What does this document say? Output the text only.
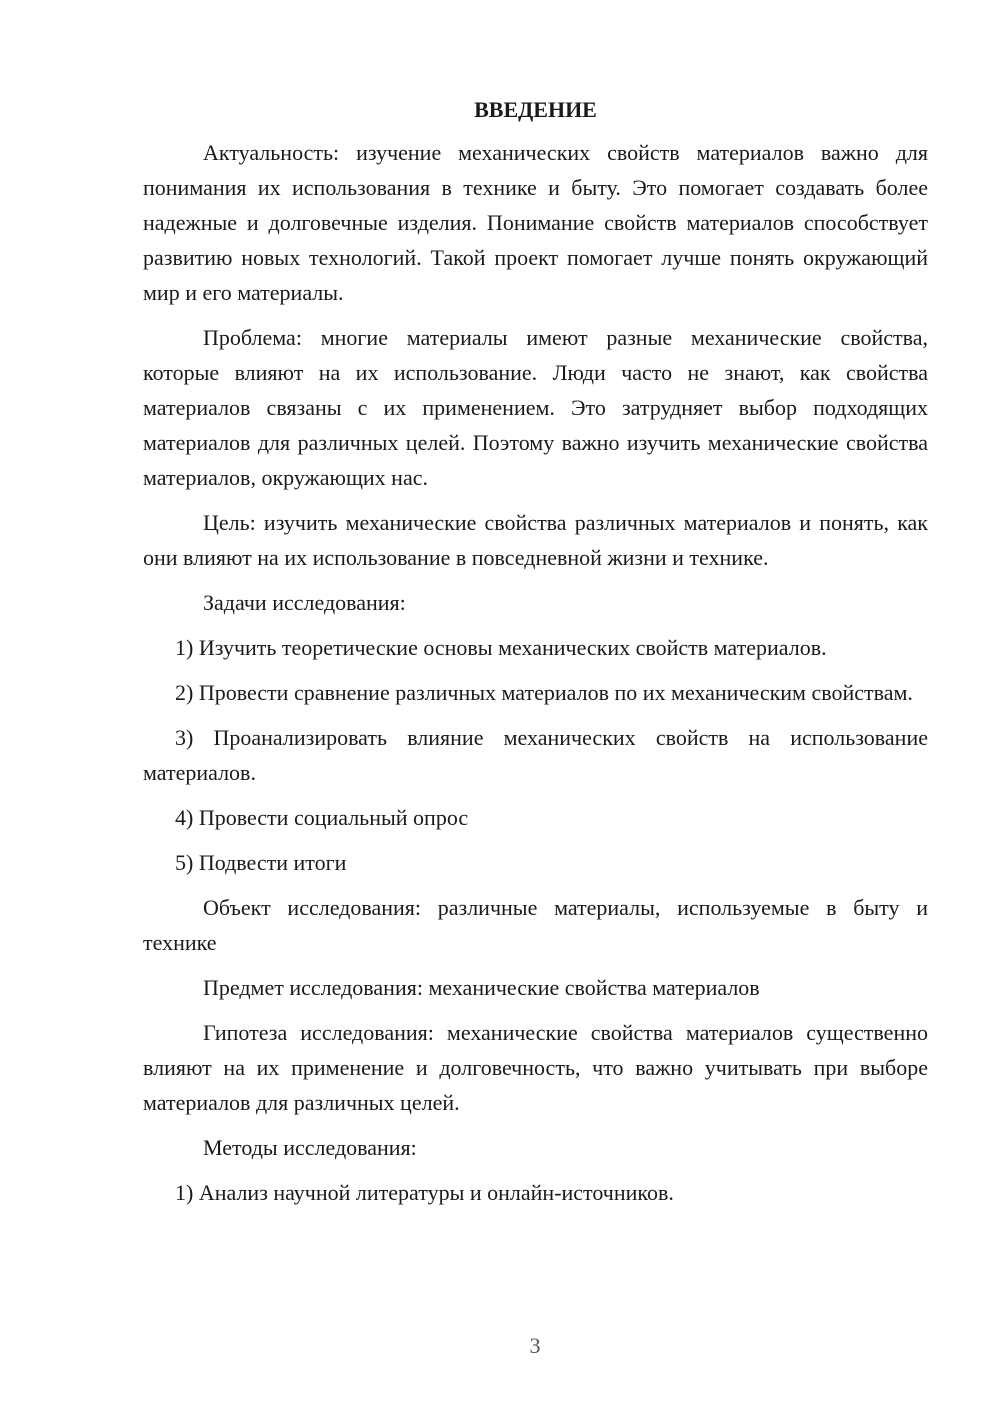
ВВЕДЕНИЕ
Актуальность: изучение механических свойств материалов важно для понимания их использования в технике и быту. Это помогает создавать более надежные и долговечные изделия. Понимание свойств материалов способствует развитию новых технологий. Такой проект помогает лучше понять окружающий мир и его материалы.
Проблема: многие материалы имеют разные механические свойства, которые влияют на их использование. Люди часто не знают, как свойства материалов связаны с их применением. Это затрудняет выбор подходящих материалов для различных целей. Поэтому важно изучить механические свойства материалов, окружающих нас.
Цель: изучить механические свойства различных материалов и понять, как они влияют на их использование в повседневной жизни и технике.
Задачи исследования:
1) Изучить теоретические основы механических свойств материалов.
2) Провести сравнение различных материалов по их механическим свойствам.
3) Проанализировать влияние механических свойств на использование материалов.
4) Провести социальный опрос
5) Подвести итоги
Объект исследования: различные материалы, используемые в быту и технике
Предмет исследования: механические свойства материалов
Гипотеза исследования: механические свойства материалов существенно влияют на их применение и долговечность, что важно учитывать при выборе материалов для различных целей.
Методы исследования:
1) Анализ научной литературы и онлайн-источников.
3
